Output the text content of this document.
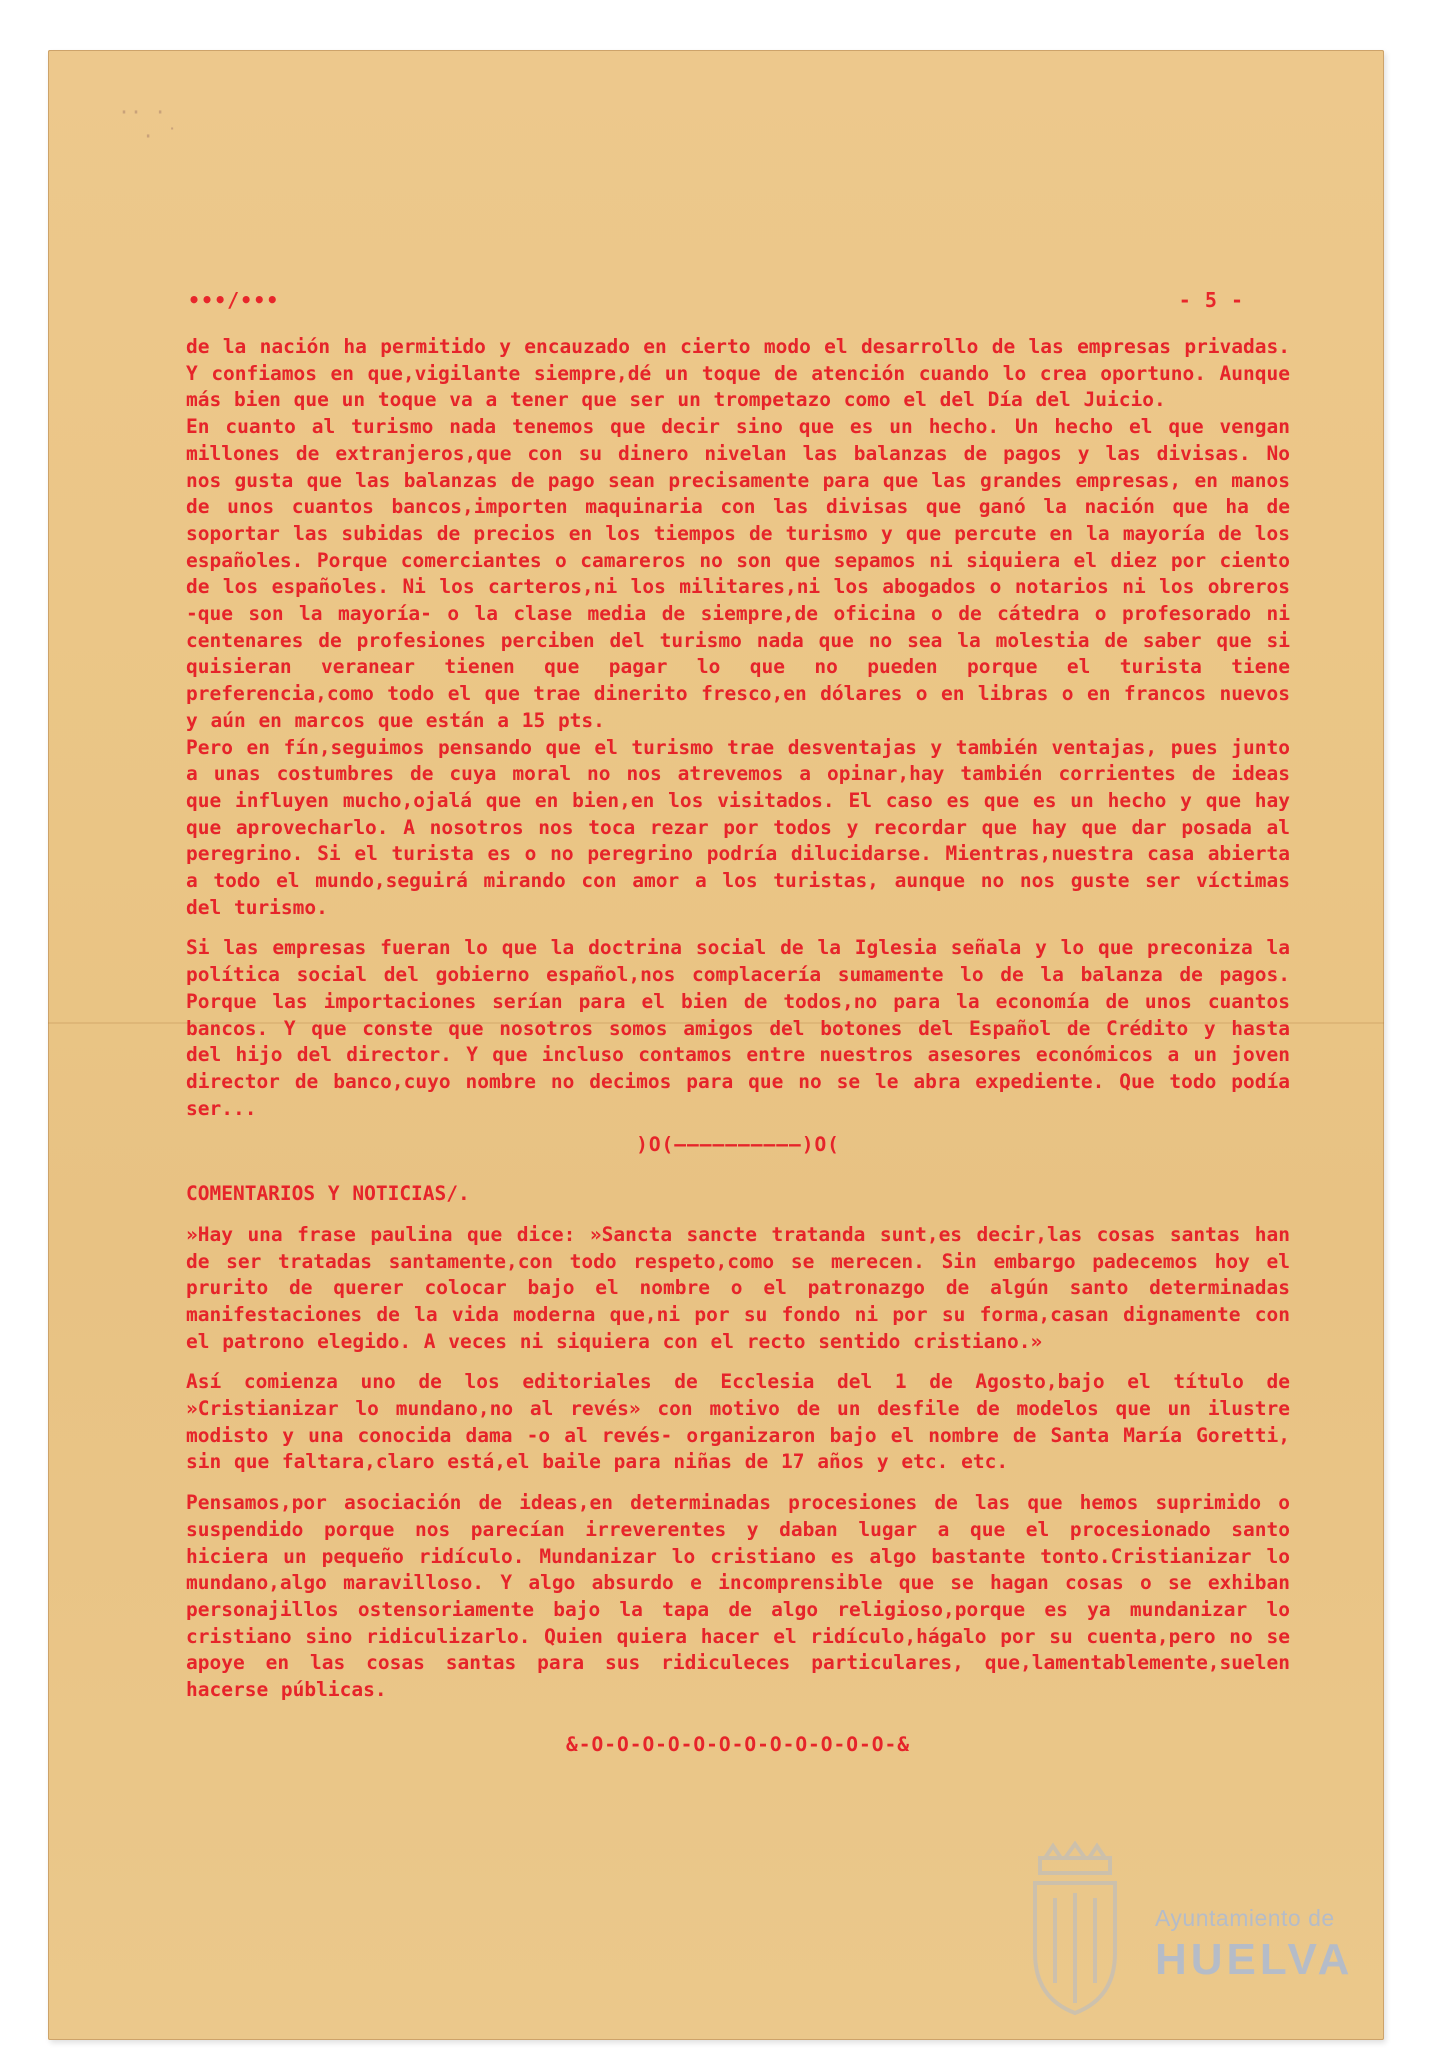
·· ·
· ˙
•••/•••	- 5 -

de la nación ha permitido y encauzado en cierto modo el desarrollo de las empresas privadas. Y confiamos en que,vigilante siempre,dé un toque de atención cuando lo crea oportuno. Aunque más bien que un toque va a tener que ser un trompetazo como el del Día del Juicio.

En cuanto al turismo nada tenemos que decir sino que es un hecho. Un hecho el que vengan millones de extranjeros,que con su dinero nivelan las balanzas de pagos y las divisas. No nos gusta que las balanzas de pago sean precisamente para que las grandes empresas, en manos de unos cuantos bancos,importen maquinaria con las divisas que ganó la nación que ha de soportar las subidas de precios en los tiempos de turismo y que percute en la mayoría de los españoles. Porque comerciantes o camareros no son que sepamos ni siquiera el diez por ciento de los españoles. Ni los carteros,ni los militares,ni los abogados o notarios ni los obreros -que son la mayoría- o la clase media de siempre,de oficina o de cátedra o profesorado ni centenares de profesiones perciben del turismo nada que no sea la molestia de saber que si quisieran veranear tienen que pagar lo que no pueden porque el turista tiene preferencia,como todo el que trae dinerito fresco,en dólares o en libras o en francos nuevos y aún en marcos que están a 15 pts.

Pero en fín,seguimos pensando que el turismo trae desventajas y también ventajas, pues junto a unas costumbres de cuya moral no nos atrevemos a opinar,hay también corrientes de ideas que influyen mucho,ojalá que en bien,en los visitados. El caso es que es un hecho y que hay que aprovecharlo. A nosotros nos toca rezar por todos y recordar que hay que dar posada al peregrino. Si el turista es o no peregrino podría dilucidarse. Mientras,nuestra casa abierta a todo el mundo,seguirá mirando con amor a los turistas, aunque no nos guste ser víctimas del turismo.

Si las empresas fueran lo que la doctrina social de la Iglesia señala y lo que preconiza la política social del gobierno español,nos complacería sumamente lo de la balanza de pagos. Porque las importaciones serían para el bien de todos,no para la economía de unos cuantos bancos. Y que conste que nosotros somos amigos del botones del Español de Crédito y hasta del hijo del director. Y que incluso contamos entre nuestros asesores económicos a un joven director de banco,cuyo nombre no decimos para que no se le abra expediente. Que todo podía ser...

)O(——————————)O(

COMENTARIOS Y NOTICIAS/.

»Hay una frase paulina que dice: »Sancta sancte tratanda sunt,es decir,las cosas santas han de ser tratadas santamente,con todo respeto,como se merecen. Sin embargo padecemos hoy el prurito de querer colocar bajo el nombre o el patronazgo de algún santo determinadas manifestaciones de la vida moderna que,ni por su fondo ni por su forma,casan dignamente con el patrono elegido. A veces ni siquiera con el recto sentido cristiano.»

Así comienza uno de los editoriales de Ecclesia del 1 de Agosto,bajo el título de »Cristianizar lo mundano,no al revés» con motivo de un desfile de modelos que un ilustre modisto y una conocida dama -o al revés- organizaron bajo el nombre de Santa María Goretti, sin que faltara,claro está,el baile para niñas de 17 años y etc. etc.

Pensamos,por asociación de ideas,en determinadas procesiones de las que hemos suprimido o suspendido porque nos parecían irreverentes y daban lugar a que el procesionado santo hiciera un pequeño ridículo. Mundanizar lo cristiano es algo bastante tonto.Cristianizar lo mundano,algo maravilloso. Y algo absurdo e incomprensible que se hagan cosas o se exhiban personajillos ostensoriamente bajo la tapa de algo religioso,porque es ya mundanizar lo cristiano sino ridiculizarlo. Quien quiera hacer el ridículo,hágalo por su cuenta,pero no se apoye en las cosas santas para sus ridiculeces particulares, que,lamentablemente,suelen hacerse públicas.

&-O-O-O-O-O-O-O-O-O-O-O-O-&
Ayuntamiento de
HUELVA
